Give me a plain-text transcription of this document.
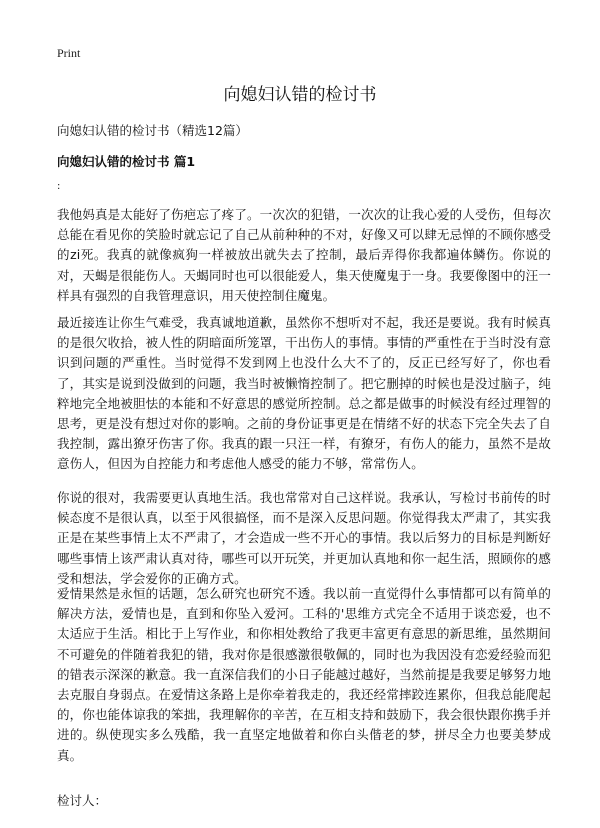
Print
向媳妇认错的检讨书

向媳妇认错的检讨书（精选12篇）

向媳妇认错的检讨书 篇1
:

我他妈真是太能好了伤疤忘了疼了。一次次的犯错，一次次的让我心爱的人受伤，但每次总能在看见你的笑脸时就忘记了自己从前种种的不对，好像又可以肆无忌惮的不顾你感受的zi死。我真的就像疯狗一样被放出就失去了控制，最后弄得你我都遍体鳞伤。你说的对，天蝎是很能伤人。天蝎同时也可以很能爱人，集天使魔鬼于一身。我要像图中的汪一样具有强烈的自我管理意识，用天使控制住魔鬼。

最近接连让你生气难受，我真诚地道歉，虽然你不想听对不起，我还是要说。我有时候真的是很欠收拾，被人性的阴暗面所笼罩，干出伤人的事情。事情的严重性在于当时没有意识到问题的严重性。当时觉得不发到网上也没什么大不了的，反正已经写好了，你也看了，其实是说到没做到的问题，我当时被懒惰控制了。把它删掉的时候也是没过脑子，纯粹地完全地被胆怯的本能和不好意思的感觉所控制。总之都是做事的时候没有经过理智的思考，更是没有想过对你的影响。之前的身份证事更是在情绪不好的状态下完全失去了自我控制，露出獠牙伤害了你。我真的跟一只汪一样，有獠牙，有伤人的能力，虽然不是故意伤人，但因为自控能力和考虑他人感受的能力不够，常常伤人。

你说的很对，我需要更认真地生活。我也常常对自己这样说。我承认，写检讨书前传的时候态度不是很认真，以至于风很搞怪，而不是深入反思问题。你觉得我太严肃了，其实我正是在某些事情上太不严肃了，才会造成一些不开心的事情。我以后努力的目标是判断好哪些事情上该严肃认真对待，哪些可以开玩笑，并更加认真地和你一起生活，照顾你的感受和想法，学会爱你的正确方式。

爱情果然是永恒的话题，怎么研究也研究不透。我以前一直觉得什么事情都可以有简单的解决方法，爱情也是，直到和你坠入爱河。工科的'思维方式完全不适用于谈恋爱，也不太适应于生活。相比于上写作业，和你相处教给了我更丰富更有意思的新思维，虽然期间不可避免的伴随着我犯的错，我对你是很感激很敬佩的，同时也为我因没有恋爱经验而犯的错表示深深的歉意。我一直深信我们的小日子能越过越好，当然前提是我要足够努力地去克服自身弱点。在爱情这条路上是你牵着我走的，我还经常摔跤连累你，但我总能爬起的，你也能体谅我的笨拙，我理解你的辛苦，在互相支持和鼓励下，我会很快跟你携手并进的。纵使现实多么残酷，我一直坚定地做着和你白头偕老的梦，拼尽全力也要美梦成真。

检讨人：
